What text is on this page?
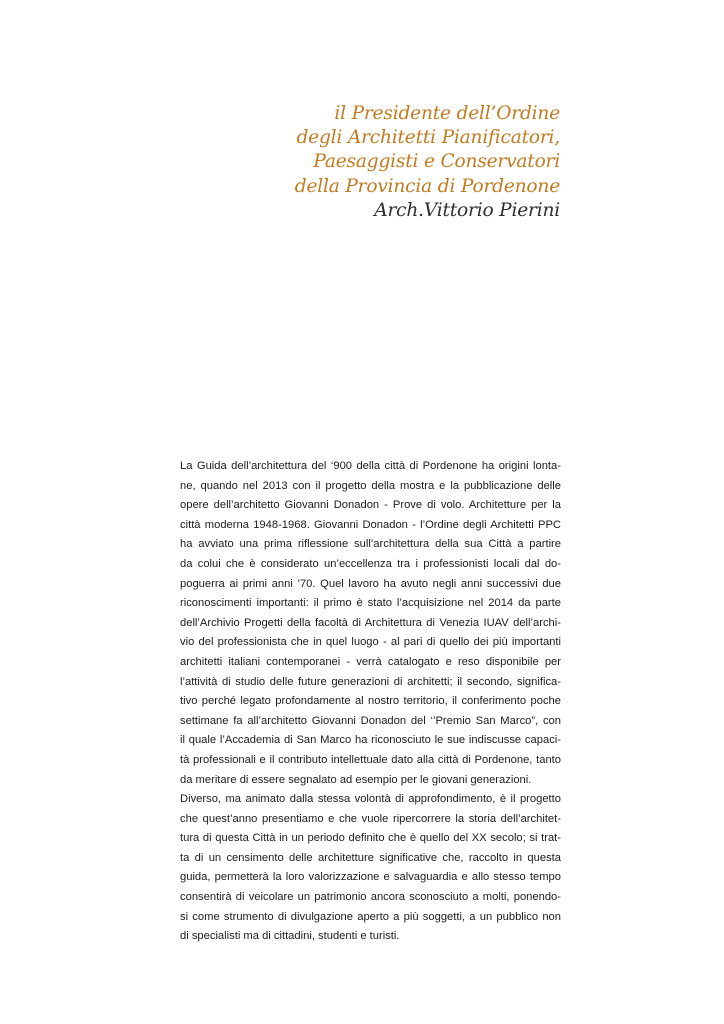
il Presidente dell’Ordine
degli Architetti Pianificatori,
Paesaggisti e Conservatori
della Provincia di Pordenone
Arch.Vittorio Pierini
La Guida dell’architettura del ‘900 della città di Pordenone ha origini lonta-
ne, quando nel 2013 con il progetto della mostra e la pubblicazione delle
opere dell’architetto Giovanni Donadon - Prove di volo. Architetture per la
città moderna 1948-1968. Giovanni Donadon - l’Ordine degli Architetti PPC
ha avviato una prima riflessione sull’architettura della sua Città a partire
da colui che è considerato un’eccellenza tra i professionisti locali dal do-
poguerra ai primi anni ’70. Quel lavoro ha avuto negli anni successivi due
riconoscimenti importanti: il primo è stato l’acquisizione nel 2014 da parte
dell’Archivio Progetti della facoltà di Architettura di Venezia IUAV dell’archi-
vio del professionista che in quel luogo - al pari di quello dei più importanti
architetti italiani contemporanei - verrà catalogato e reso disponibile per
l’attività di studio delle future generazioni di architetti; il secondo, significa-
tivo perché legato profondamente al nostro territorio, il conferimento poche
settimane fa all’architetto Giovanni Donadon del ‘’Premio San Marco”, con
il quale l’Accademia di San Marco ha riconosciuto le sue indiscusse capaci-
tà professionali e il contributo intellettuale dato alla città di Pordenone, tanto
da meritare di essere segnalato ad esempio per le giovani generazioni.
Diverso, ma animato dalla stessa volontà di approfondimento, è il progetto
che quest’anno presentiamo e che vuole ripercorrere la storia dell’architet-
tura di questa Città in un periodo definito che è quello del XX secolo; si trat-
ta di un censimento delle architetture significative che, raccolto in questa
guida, permetterà la loro valorizzazione e salvaguardia e allo stesso tempo
consentirà di veicolare un patrimonio ancora sconosciuto a molti, ponendo-
si come strumento di divulgazione aperto a più soggetti, a un pubblico non
di specialisti ma di cittadini, studenti e turisti.
